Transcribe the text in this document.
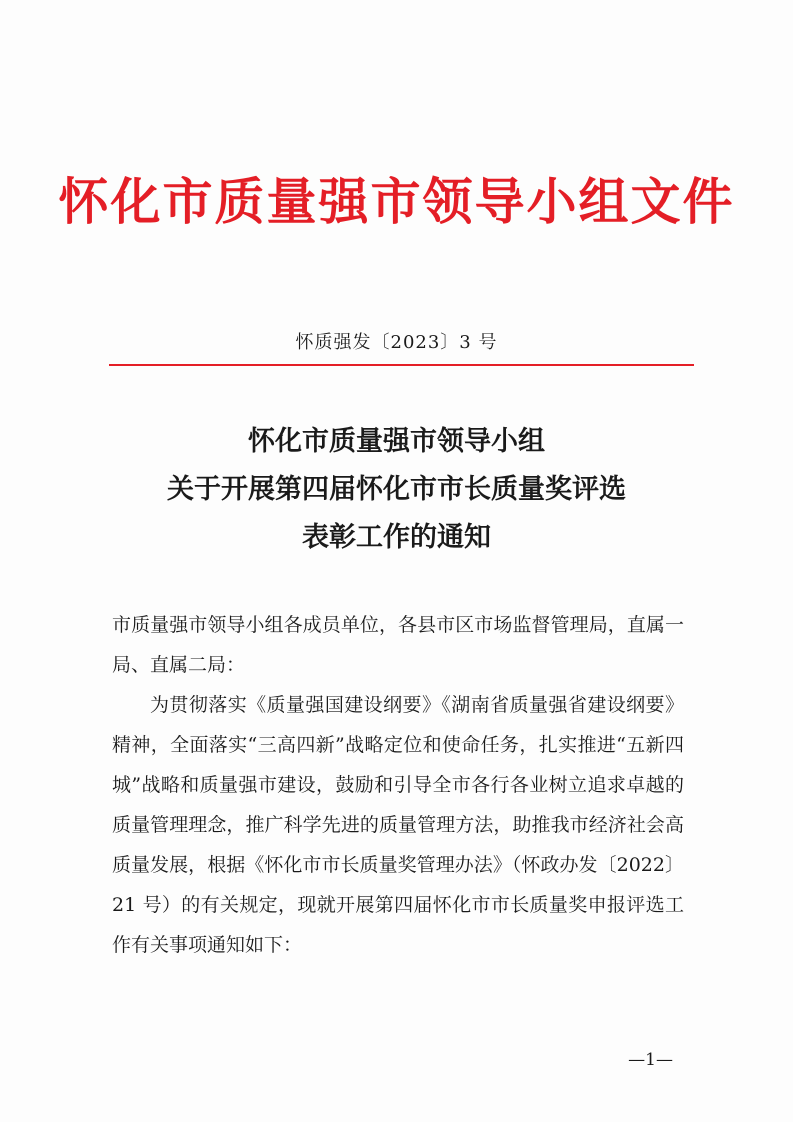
怀化市质量强市领导小组文件
怀质强发〔2023〕3 号
怀化市质量强市领导小组
关于开展第四届怀化市市长质量奖评选
表彰工作的通知

市质量强市领导小组各成员单位，各县市区市场监督管理局，直属一局、直属二局：

为贯彻落实《质量强国建设纲要》《湖南省质量强省建设纲要》精神，全面落实“三高四新”战略定位和使命任务，扎实推进“五新四城”战略和质量强市建设，鼓励和引导全市各行各业树立追求卓越的质量管理理念，推广科学先进的质量管理方法，助推我市经济社会高质量发展，根据《怀化市市长质量奖管理办法》（怀政办发〔2022〕21 号）的有关规定，现就开展第四届怀化市市长质量奖申报评选工作有关事项通知如下：

—1—
